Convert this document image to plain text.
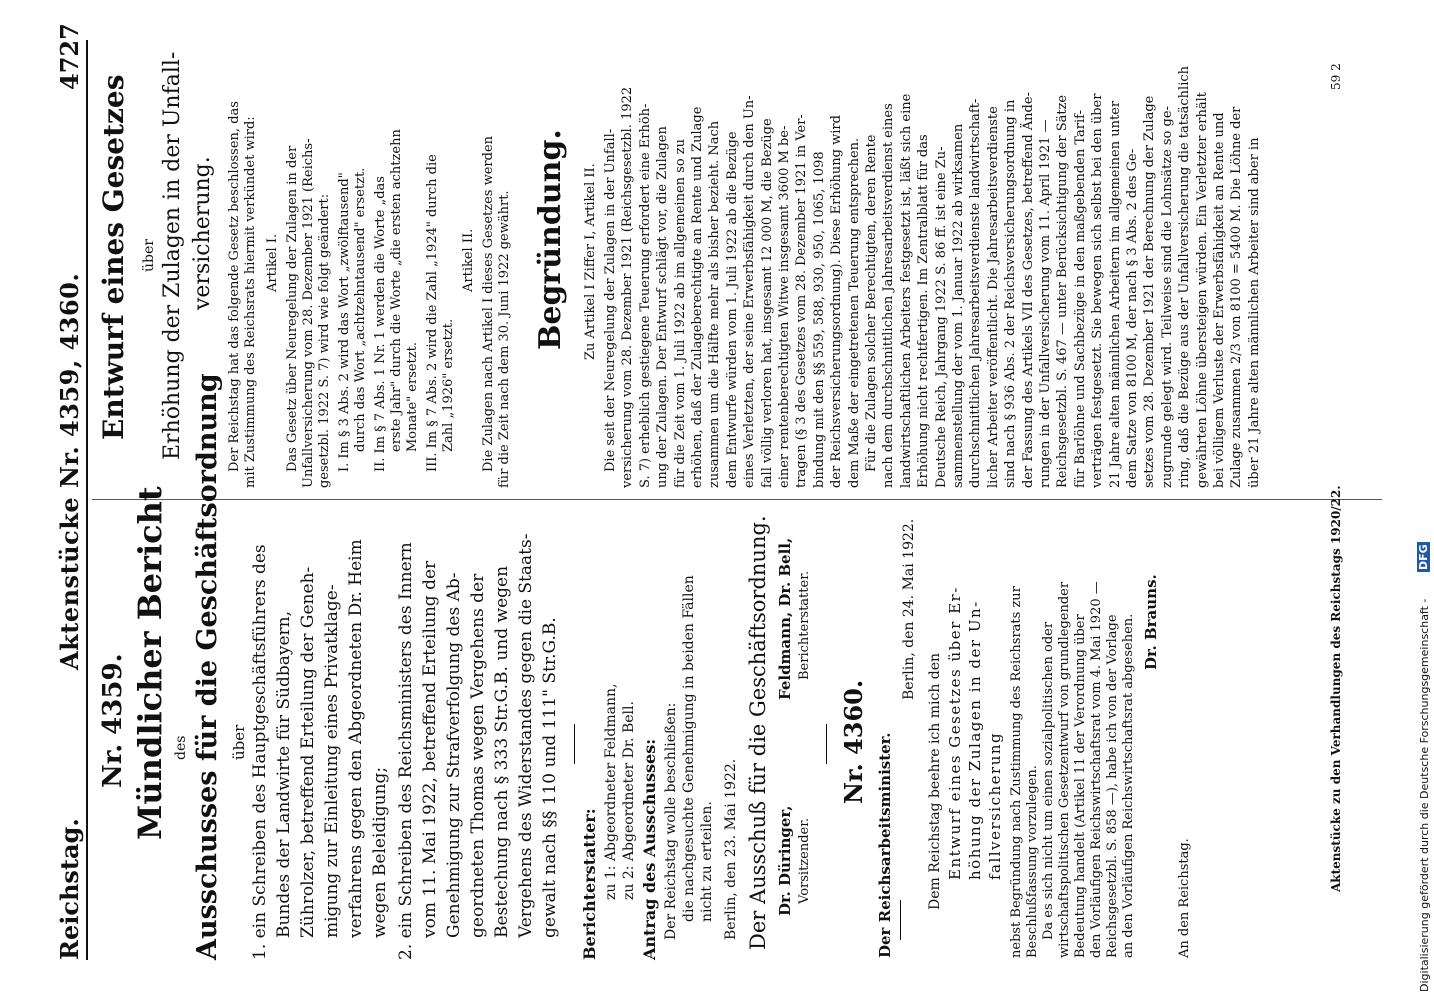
Reichstag.
Aktenstücke Nr. 4359, 4360.
4727
Nr. 4359. Mündlicher Bericht des Ausschusses für die Geschäftsordnung über 1. ein Schreiben des Hauptgeschäftsführers des Bundes der Landwirte für Südbayern, Zührolzer, betreffend Erteilung der Geneh- migung zur Einleitung eines Privatklage- verfahrens gegen den Abgeordneten Dr. Heim wegen Beleidigung; 2. ein Schreiben des Reichsministers des Innern vom 11. Mai 1922, betreffend Erteilung der Genehmigung zur Strafverfolgung des Ab- geordneten Thomas wegen Vergehens der Bestechung nach § 333 Str.G.B. und wegen Vergehens des Widerstandes gegen die Staats- gewalt nach §§ 110 und 111" Str.G.B. Berichterstatter: zu 1: Abgeordneter Feldmann, zu 2: Abgeordneter Dr. Bell. Antrag des Ausschusses: Der Reichstag wolle beschließen: die nachgesuchte Genehmigung in beiden Fällen nicht zu erteilen. Berlin, den 23. Mai 1922. Der Ausschuß für die Geschäftsordnung. Dr. Düringer, Vorsitzender.
Feldmann, Dr. Bell, Berichterstatter.
Nr. 4360. Der Reichsarbeitsminister.
Berlin, den 24. Mai 1922.
Dem Reichstag beehre ich mich den Entwurf eines Gesetzes über Er- höhung der Zulagen in der Un- fallversicherung nebst Begründung nach Zustimmung des Reichsrats zur Beschlußfassung vorzulegen. Da es sich nicht um einen sozialpolitischen oder wirtschaftspolitischen Gesetzentwurf von grundlegender Bedeutung handelt (Artikel 11 der Verordnung über den Vorläufigen Reichswirtschaftsrat vom 4. Mai 1920 — Reichsgesetzbl. S. 858 —), habe ich von der Vorlage an den Vorläufigen Reichswirtschaftsrat abgesehen. Dr. Brauns.
An den Reichstag.
Aktenstücke zu den Verhandlungen des Reichstags 1920/22.
59 2
Entwurf eines Gesetzes über Erhöhung der Zulagen in der Unfall- versicherung. Der Reichstag hat das folgende Gesetz beschlossen, das mit Zustimmung des Reichsrats hiermit verkündet wird: Artikel I. Das Gesetz über Neuregelung der Zulagen in der Unfallversicherung vom 28. Dezember 1921 (Reichs- gesetzbl. 1922 S. 7) wird wie folgt geändert: I. Im § 3 Abs. 2 wird das Wort „zwölftausend" durch das Wort „achtzehntausend" ersetzt. II. Im § 7 Abs. 1 Nr. 1 werden die Worte „das erste Jahr" durch die Worte „die ersten achtzehn Monate" ersetzt. III. Im § 7 Abs. 2 wird die Zahl „1924" durch die Zahl „1926" ersetzt.
Artikel II. Die Zulagen nach Artikel I dieses Gesetzes werden für die Zeit nach dem 30. Juni 1922 gewährt. Begründung. Zu Artikel I Ziffer I, Artikel II. Die seit der Neuregelung der Zulagen in der Unfall- versicherung vom 28. Dezember 1921 (Reichsgesetzbl. 1922 S. 7) erheblich gestiegene Teuerung erfordert eine Erhöh- ung der Zulagen. Der Entwurf schlägt vor, die Zulagen für die Zeit vom 1. Juli 1922 ab im allgemeinen so zu erhöhen, daß der Zulageberechtigte an Rente und Zulage zusammen um die Hälfte mehr als bisher bezieht. Nach dem Entwurfe würden vom 1. Juli 1922 ab die Bezüge eines Verletzten, der seine Erwerbsfähigkeit durch den Un- fall völlig verloren hat, insgesamt 12 000 M, die Bezüge einer rentenberechtigten Witwe insgesamt 3600 M be- tragen (§ 3 des Gesetzes vom 28. Dezember 1921 in Ver- bindung mit den §§ 559, 588, 930, 950, 1065, 1098 der Reichsversicherungsordnung). Diese Erhöhung wird dem Maße der eingetretenen Teuerung entsprechen. Für die Zulagen solcher Berechtigten, deren Rente nach dem durchschnittlichen Jahresarbeitsverdienst eines landwirtschaftlichen Arbeiters festgesetzt ist, läßt sich eine Erhöhung nicht rechtfertigen. Im Zentralblatt für das Deutsche Reich, Jahrgang 1922 S. 86 ff. ist eine Zu- sammenstellung der vom 1. Januar 1922 ab wirksamen durchschnittlichen Jahresarbeitsverdienste landwirtschaft- licher Arbeiter veröffentlicht. Die Jahresarbeitsverdienste sind nach § 936 Abs. 2 der Reichsversicherungsordnung in der Fassung des Artikels VII des Gesetzes, betreffend Ände- rungen in der Unfallversicherung vom 11. April 1921 — Reichsgesetzbl. S. 467 — unter Berücksichtigung der Sätze für Barlöhne und Sachbezüge in den maßgebenden Tarif- verträgen festgesetzt. Sie bewegen sich selbst bei den über 21 Jahre alten männlichen Arbeitern im allgemeinen unter dem Satze von 8100 M, der nach § 3 Abs. 2 des Ge- setzes vom 28. Dezember 1921 der Berechnung der Zulage zugrunde gelegt wird. Teilweise sind die Lohnsätze so ge- ring, daß die Bezüge aus der Unfallversicherung die tatsächlich gewährten Löhne übersteigen würden. Ein Verletzter erhält bei völligem Verluste der Erwerbsfähigkeit an Rente und Zulage zusammen 2/3 von 8100 = 5400 M. Die Löhne der über 21 Jahre alten männlichen Arbeiter sind aber in
Digitalisierung gefördert durch die Deutsche Forschungsgemeinschaft -
DFG
